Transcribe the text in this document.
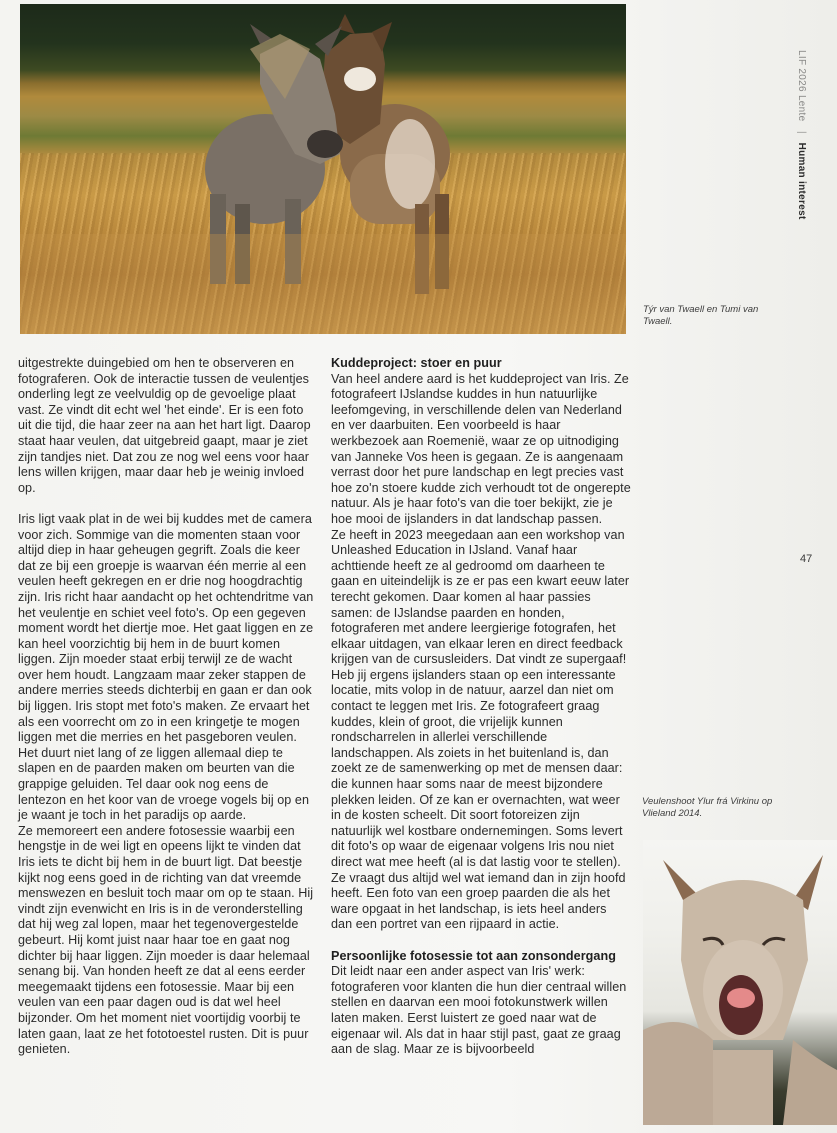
LIF 2026 Lente | Human interest
47
Týr van Twaell en Tumi van Twaell.
Veulenshoot Ylur frá Virkinu op Vlieland 2014.

uitgestrekte duingebied om hen te observeren en fotograferen. Ook de interactie tussen de veulentjes onderling legt ze veelvuldig op de gevoelige plaat vast. Ze vindt dit echt wel 'het einde'. Er is een foto uit die tijd, die haar zeer na aan het hart ligt. Daarop staat haar veulen, dat uitgebreid gaapt, maar je ziet zijn tandjes niet. Dat zou ze nog wel eens voor haar lens willen krijgen, maar daar heb je weinig invloed op.

Iris ligt vaak plat in de wei bij kuddes met de camera voor zich. Sommige van die momenten staan voor altijd diep in haar geheugen gegrift. Zoals die keer dat ze bij een groepje is waarvan één merrie al een veulen heeft gekregen en er drie nog hoogdrachtig zijn. Iris richt haar aandacht op het ochtendritme van het veulentje en schiet veel foto's. Op een gegeven moment wordt het diertje moe. Het gaat liggen en ze kan heel voorzichtig bij hem in de buurt komen liggen. Zijn moeder staat erbij terwijl ze de wacht over hem houdt. Langzaam maar zeker stappen de andere merries steeds dichterbij en gaan er dan ook bij liggen. Iris stopt met foto's maken. Ze ervaart het als een voorrecht om zo in een kringetje te mogen liggen met die merries en het pasgeboren veulen. Het duurt niet lang of ze liggen allemaal diep te slapen en de paarden maken om beurten van die grappige geluiden. Tel daar ook nog eens de lentezon en het koor van de vroege vogels bij op en je waant je toch in het paradijs op aarde.

Ze memoreert een andere fotosessie waarbij een hengstje in de wei ligt en opeens lijkt te vinden dat Iris iets te dicht bij hem in de buurt ligt. Dat beestje kijkt nog eens goed in de richting van dat vreemde menswezen en besluit toch maar om op te staan. Hij vindt zijn evenwicht en Iris is in de veronderstelling dat hij weg zal lopen, maar het tegenovergestelde gebeurt. Hij komt juist naar haar toe en gaat nog dichter bij haar liggen. Zijn moeder is daar helemaal senang bij. Van honden heeft ze dat al eens eerder meegemaakt tijdens een fotosessie. Maar bij een veulen van een paar dagen oud is dat wel heel bijzonder. Om het moment niet voortijdig voorbij te laten gaan, laat ze het fototoestel rusten. Dit is puur genieten.

Kuddeproject: stoer en puur

Van heel andere aard is het kuddeproject van Iris. Ze fotografeert IJslandse kuddes in hun natuurlijke leefomgeving, in verschillende delen van Nederland en ver daarbuiten. Een voorbeeld is haar werkbezoek aan Roemenië, waar ze op uitnodiging van Janneke Vos heen is gegaan. Ze is aangenaam verrast door het pure landschap en legt precies vast hoe zo'n stoere kudde zich verhoudt tot de ongerepte natuur. Als je haar foto's van die toer bekijkt, zie je hoe mooi de ijslanders in dat landschap passen.

Ze heeft in 2023 meegedaan aan een workshop van Unleashed Education in IJsland. Vanaf haar achttiende heeft ze al gedroomd om daarheen te gaan en uiteindelijk is ze er pas een kwart eeuw later terecht gekomen. Daar komen al haar passies samen: de IJslandse paarden en honden, fotograferen met andere leergierige fotografen, het elkaar uitdagen, van elkaar leren en direct feedback krijgen van de cursusleiders. Dat vindt ze supergaaf!

Heb jij ergens ijslanders staan op een interessante locatie, mits volop in de natuur, aarzel dan niet om contact te leggen met Iris. Ze fotografeert graag kuddes, klein of groot, die vrijelijk kunnen rondscharrelen in allerlei verschillende landschappen. Als zoiets in het buitenland is, dan zoekt ze de samenwerking op met de mensen daar: die kunnen haar soms naar de meest bijzondere plekken leiden. Of ze kan er overnachten, wat weer in de kosten scheelt. Dit soort fotoreizen zijn natuurlijk wel kostbare ondernemingen. Soms levert dit foto's op waar de eigenaar volgens Iris nou niet direct wat mee heeft (al is dat lastig voor te stellen). Ze vraagt dus altijd wel wat iemand dan in zijn hoofd heeft. Een foto van een groep paarden die als het ware opgaat in het landschap, is iets heel anders dan een portret van een rijpaard in actie.

Persoonlijke fotosessie tot aan zonsondergang

Dit leidt naar een ander aspect van Iris' werk: fotograferen voor klanten die hun dier centraal willen stellen en daarvan een mooi fotokunstwerk willen laten maken. Eerst luistert ze goed naar wat de eigenaar wil. Als dat in haar stijl past, gaat ze graag aan de slag. Maar ze is bijvoorbeeld
